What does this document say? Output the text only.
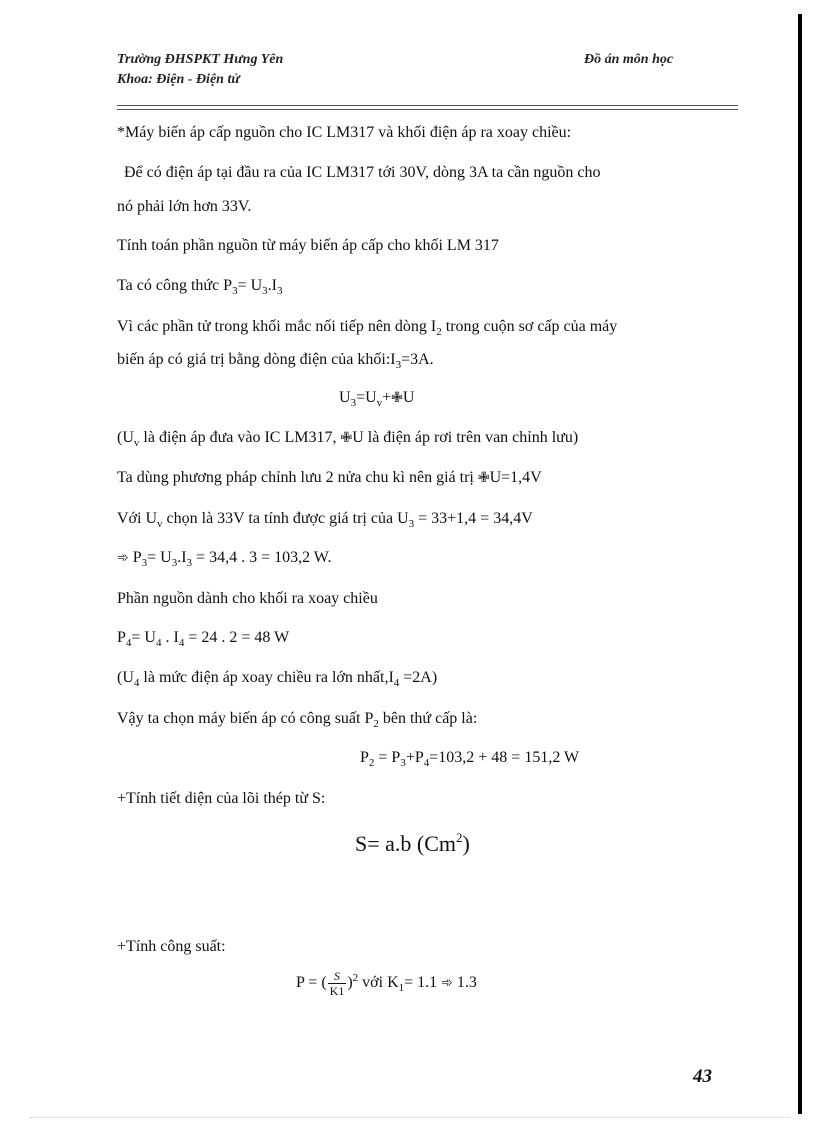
Trường ĐHSPKT Hưng Yên
Khoa: Điện - Điện tử
Đồ án môn học
*Máy biến áp cấp nguồn cho IC LM317 và khối điện áp ra xoay chiều:
Để có điện áp tại đầu ra của IC LM317 tới 30V, dòng 3A ta cần nguồn cho
nó phải lớn hơn 33V.
Tính toán phần nguồn từ máy biến áp cấp cho khối LM 317
Ta có công thức $P_3= U_3.I_3$
Vì các phần tử trong khối mắc nối tiếp nên dòng $I_2$ trong cuộn sơ cấp của máy
biến áp có giá trị bằng dòng điện của $khối:I_3=3A$.
$U_3=U_v+✙U$
($U_v$ là điện áp đưa vào IC LM317, ✙U là điện áp rơi trên van chỉnh lưu)
Ta dùng phương pháp chỉnh lưu 2 nửa chu kì nên giá trị ✙U=1,4V
Với $U_v$ chọn là 33V ta tính được giá trị của $U_3 = 33+1,4 = 34,4V$
➾ $P_3= U_3.I_3 = 34,4$ . 3 = 103,2 W.
Phần nguồn dành cho khối ra xoay chiều
$P_4= U_4$ . $I_4 = 24$ . 2 = 48 W
($U_4$ là mức điện áp xoay chiều ra lớn $nhất,I_4 =2A$)
Vậy ta chọn máy biến áp có công suất $P_2$ bên thứ cấp là:
$P_2 = P_3+P_4=103,2 + 48 = 151,2$ W
+Tính tiết diện của lõi thép từ S:
S= a.b $(Cm^2)$
+Tính công suất:
P = ( $\frac{S}{K1} )^2$ với $K_1= 1.1$ ➾ 1.3
43
